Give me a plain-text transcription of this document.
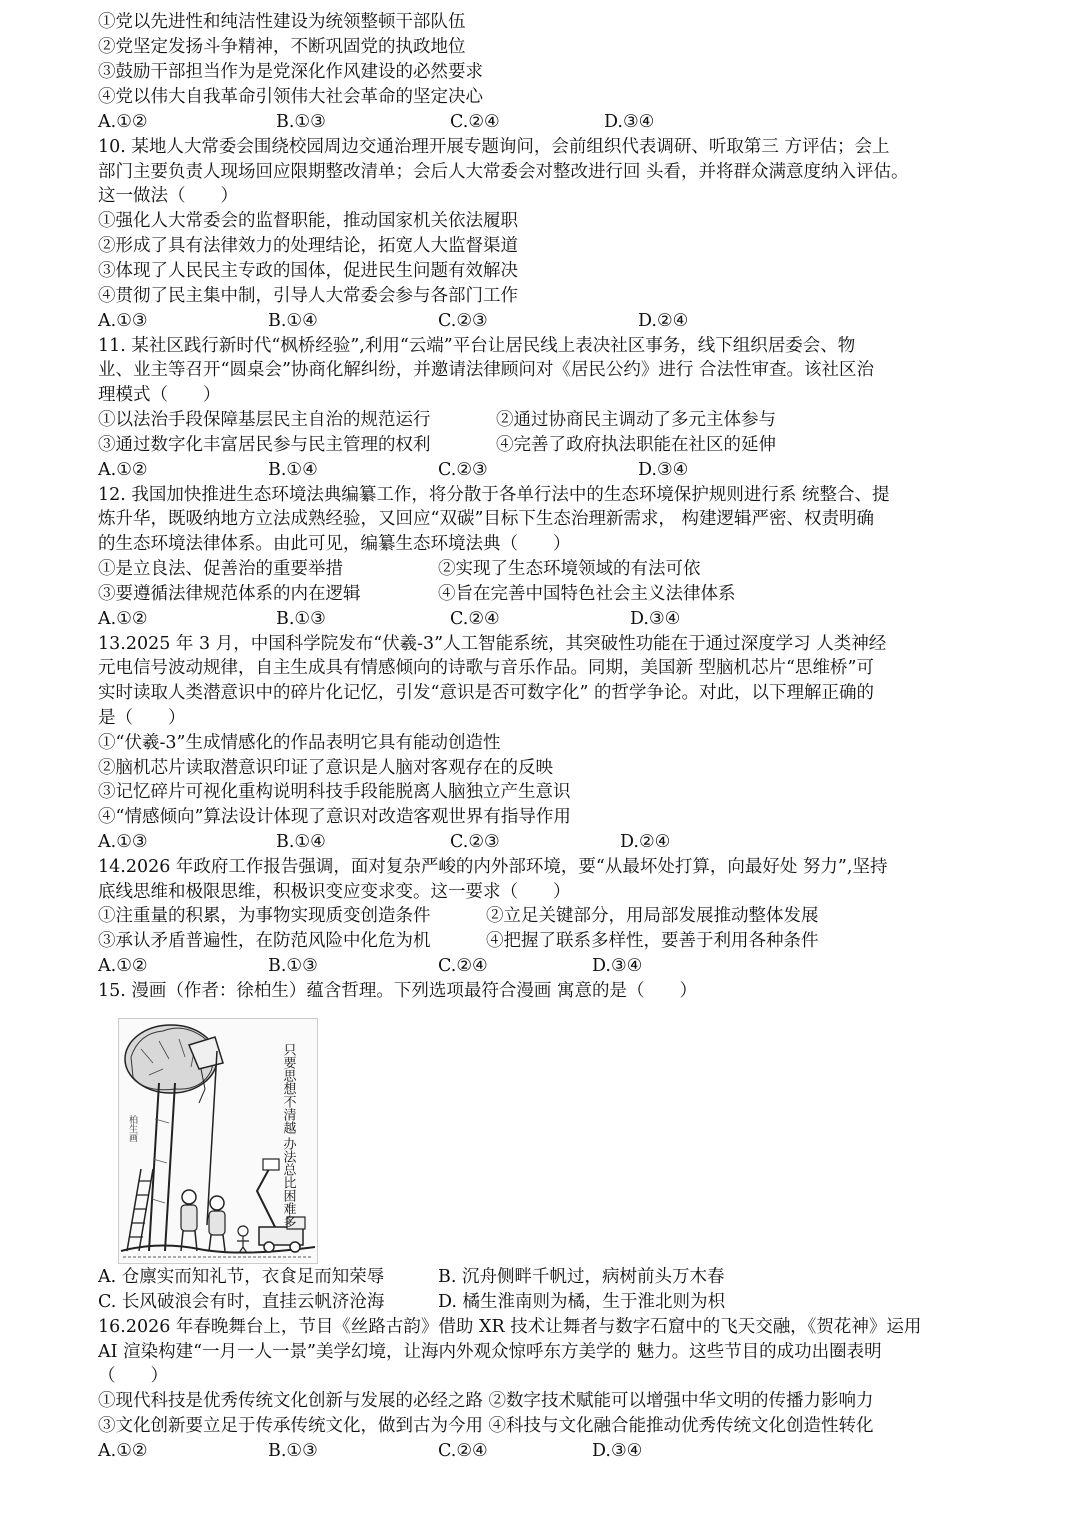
①党以先进性和纯洁性建设为统领整顿干部队伍
②党坚定发扬斗争精神，不断巩固党的执政地位
③鼓励干部担当作为是党深化作风建设的必然要求
④党以伟大自我革命引领伟大社会革命的坚定决心
A.①②	B.①③	C.②④	D.③④
10. 某地人大常委会围绕校园周边交通治理开展专题询问，会前组织代表调研、听取第三 方评估；会上
部门主要负责人现场回应限期整改清单；会后人大常委会对整改进行回 头看，并将群众满意度纳入评估。
这一做法（　　）
①强化人大常委会的监督职能，推动国家机关依法履职
②形成了具有法律效力的处理结论，拓宽人大监督渠道
③体现了人民民主专政的国体，促进民生问题有效解决
④贯彻了民主集中制，引导人大常委会参与各部门工作
A.①③	B.①④	C.②③	D.②④
11. 某社区践行新时代“枫桥经验”,利用“云端”平台让居民线上表决社区事务，线下组织居委会、物
业、业主等召开“圆桌会”协商化解纠纷，并邀请法律顾问对《居民公约》进行 合法性审查。该社区治
理模式（　　）
①以法治手段保障基层民主自治的规范运行	②通过协商民主调动了多元主体参与
③通过数字化丰富居民参与民主管理的权利	④完善了政府执法职能在社区的延伸
A.①②	B.①④	C.②③	D.③④
12. 我国加快推进生态环境法典编纂工作，将分散于各单行法中的生态环境保护规则进行系 统整合、提
炼升华，既吸纳地方立法成熟经验，又回应“双碳”目标下生态治理新需求， 构建逻辑严密、权责明确
的生态环境法律体系。由此可见，编纂生态环境法典（　　）
①是立良法、促善治的重要举措	②实现了生态环境领域的有法可依
③要遵循法律规范体系的内在逻辑	④旨在完善中国特色社会主义法律体系
A.①②	B.①③	C.②④	D.③④
13.2025 年 3 月，中国科学院发布“伏羲-3”人工智能系统，其突破性功能在于通过深度学习 人类神经
元电信号波动规律，自主生成具有情感倾向的诗歌与音乐作品。同期，美国新 型脑机芯片“思维桥”可
实时读取人类潜意识中的碎片化记忆，引发“意识是否可数字化” 的哲学争论。对此，以下理解正确的
是（　　）
①“伏羲-3”生成情感化的作品表明它具有能动创造性
②脑机芯片读取潜意识印证了意识是人脑对客观存在的反映
③记忆碎片可视化重构说明科技手段能脱离人脑独立产生意识
④“情感倾向”算法设计体现了意识对改造客观世界有指导作用
A.①③	B.①④	C.②③	D.②④
14.2026 年政府工作报告强调，面对复杂严峻的内外部环境，要“从最坏处打算，向最好处 努力”,坚持
底线思维和极限思维，积极识变应变求变。这一要求（　　）
①注重量的积累，为事物实现质变创造条件	②立足关键部分，用局部发展推动整体发展
③承认矛盾普遍性，在防范风险中化危为机	④把握了联系多样性，要善于利用各种条件
A.①②	B.①③	C.②④	D.③④
15. 漫画（作者：徐柏生）蕴含哲理。下列选项最符合漫画 寓意的是（　　）
只要思想不清越 办法总比困难多
柏生画
A. 仓廪实而知礼节，衣食足而知荣辱	B. 沉舟侧畔千帆过，病树前头万木春
C. 长风破浪会有时，直挂云帆济沧海	D. 橘生淮南则为橘，生于淮北则为枳
16.2026 年春晚舞台上，节目《丝路古韵》借助 XR 技术让舞者与数字石窟中的飞天交融，《贺花神》运用
AI 渲染构建“一月一人一景”美学幻境，让海内外观众惊呼东方美学的 魅力。这些节目的成功出圈表明
（　　）
①现代科技是优秀传统文化创新与发展的必经之路 ②数字技术赋能可以增强中华文明的传播力影响力
③文化创新要立足于传承传统文化，做到古为今用 ④科技与文化融合能推动优秀传统文化创造性转化
A.①②	B.①③	C.②④	D.③④
